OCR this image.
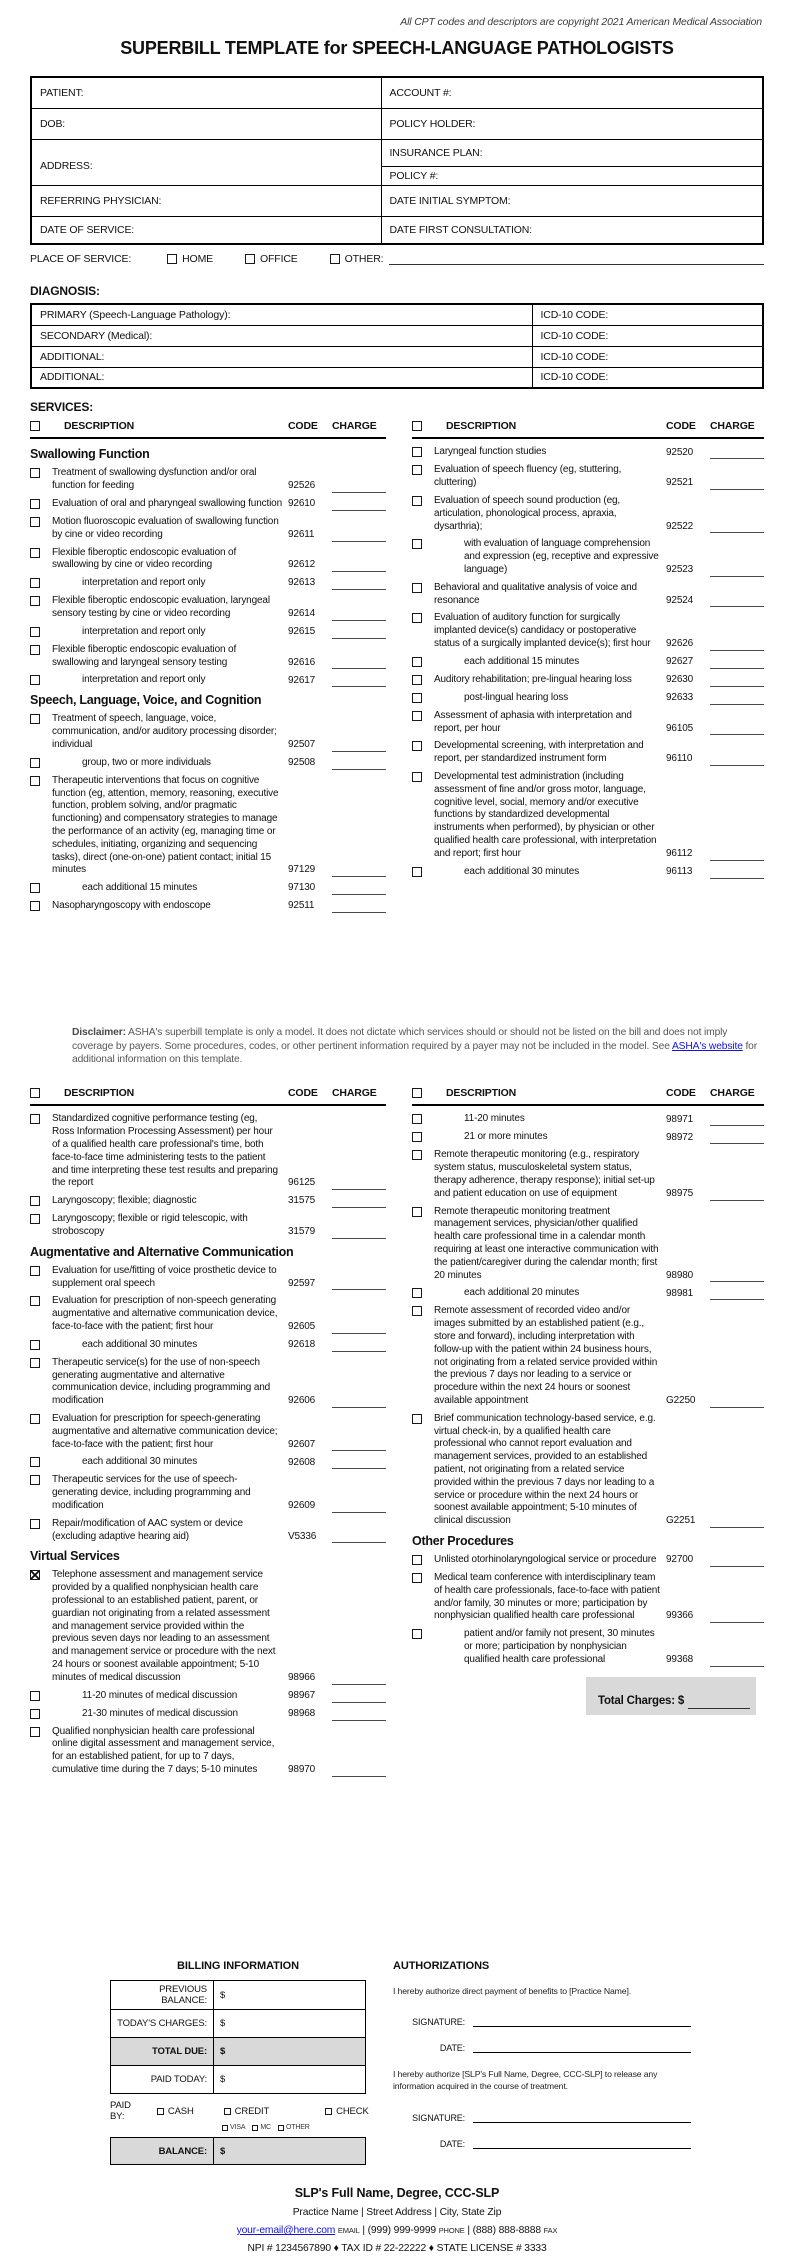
All CPT codes and descriptors are copyright 2021 American Medical Association
SUPERBILL TEMPLATE for SPEECH-LANGUAGE PATHOLOGISTS
PATIENT:	ACCOUNT #:
DOB:	POLICY HOLDER:
ADDRESS:	INSURANCE PLAN:
	POLICY #:
REFERRING PHYSICIAN:	DATE INITIAL SYMPTOM:
DATE OF SERVICE:	DATE FIRST CONSULTATION:
PLACE OF SERVICE:	HOME	OFFICE	OTHER:
DIAGNOSIS:
PRIMARY (Speech-Language Pathology):	ICD-10 CODE:
SECONDARY (Medical):	ICD-10 CODE:
ADDITIONAL:	ICD-10 CODE:
ADDITIONAL:	ICD-10 CODE:
SERVICES:
DESCRIPTION	CODE	CHARGE
Swallowing Function
Treatment of swallowing dysfunction and/or oral function for feeding	92526
Evaluation of oral and pharyngeal swallowing function 92610
Motion fluoroscopic evaluation of swallowing function by cine or video recording	92611
Flexible fiberoptic endoscopic evaluation of swallowing by cine or video recording	92612
interpretation and report only	92613
Flexible fiberoptic endoscopic evaluation, laryngeal sensory testing by cine or video recording	92614
interpretation and report only	92615
Flexible fiberoptic endoscopic evaluation of swallowing and laryngeal sensory testing	92616
interpretation and report only	92617
Speech, Language, Voice, and Cognition
Treatment of speech, language, voice, communication, and/or auditory processing disorder; individual	92507
group, two or more individuals	92508
Therapeutic interventions that focus on cognitive function (eg, attention, memory, reasoning, executive function, problem solving, and/or pragmatic functioning) and compensatory strategies to manage the performance of an activity (eg, managing time or schedules, initiating, organizing and sequencing tasks), direct (one-on-one) patient contact; initial 15 minutes	97129
each additional 15 minutes	97130
Nasopharyngoscopy with endoscope	92511
DESCRIPTION	CODE	CHARGE
Laryngeal function studies	92520
Evaluation of speech fluency (eg, stuttering, cluttering)	92521
Evaluation of speech sound production (eg, articulation, phonological process, apraxia, dysarthria);	92522
with evaluation of language comprehension and expression (eg, receptive and expressive language)	92523
Behavioral and qualitative analysis of voice and resonance	92524
Evaluation of auditory function for surgically implanted device(s) candidacy or postoperative status of a surgically implanted device(s); first hour	92626
each additional 15 minutes	92627
Auditory rehabilitation; pre-lingual hearing loss	92630
post-lingual hearing loss	92633
Assessment of aphasia with interpretation and report, per hour	96105
Developmental screening, with interpretation and report, per standardized instrument form	96110
Developmental test administration (including assessment of fine and/or gross motor, language, cognitive level, social, memory and/or executive functions by standardized developmental instruments when performed), by physician or other qualified health care professional, with interpretation and report; first hour	96112
each additional 30 minutes	96113
Disclaimer: ASHA's superbill template is only a model. It does not dictate which services should or should not be listed on the bill and does not imply coverage by payers. Some procedures, codes, or other pertinent information required by a payer may not be included in the model. See ASHA's website for additional information on this template.
DESCRIPTION	CODE	CHARGE
Standardized cognitive performance testing (eg, Ross Information Processing Assessment) per hour of a qualified health care professional's time, both face-to-face time administering tests to the patient and time interpreting these test results and preparing the report	96125
Laryngoscopy; flexible; diagnostic	31575
Laryngoscopy; flexible or rigid telescopic, with stroboscopy	31579
Augmentative and Alternative Communication
Evaluation for use/fitting of voice prosthetic device to supplement oral speech	92597
Evaluation for prescription of non-speech generating augmentative and alternative communication device, face-to-face with the patient; first hour	92605
each additional 30 minutes	92618
Therapeutic service(s) for the use of non-speech generating augmentative and alternative communication device, including programming and modification	92606
Evaluation for prescription for speech-generating augmentative and alternative communication device; face-to-face with the patient; first hour	92607
each additional 30 minutes	92608
Therapeutic services for the use of speech-generating device, including programming and modification	92609
Repair/modification of AAC system or device (excluding adaptive hearing aid)	V5336
Virtual Services
Telephone assessment and management service provided by a qualified nonphysician health care professional to an established patient, parent, or guardian not originating from a related assessment and management service provided within the previous seven days nor leading to an assessment and management service or procedure with the next 24 hours or soonest available appointment; 5-10 minutes of medical discussion	98966
11-20 minutes of medical discussion	98967
21-30 minutes of medical discussion	98968
Qualified nonphysician health care professional online digital assessment and management service, for an established patient, for up to 7 days, cumulative time during the 7 days; 5-10 minutes	98970
DESCRIPTION	CODE	CHARGE
11-20 minutes	98971
21 or more minutes	98972
Remote therapeutic monitoring (e.g., respiratory system status, musculoskeletal system status, therapy adherence, therapy response); initial set-up and patient education on use of equipment	98975
Remote therapeutic monitoring treatment management services, physician/other qualified health care professional time in a calendar month requiring at least one interactive communication with the patient/caregiver during the calendar month; first 20 minutes	98980
each additional 20 minutes	98981
Remote assessment of recorded video and/or images submitted by an established patient (e.g., store and forward), including interpretation with follow-up with the patient within 24 business hours, not originating from a related service provided within the previous 7 days nor leading to a service or procedure within the next 24 hours or soonest available appointment	G2250
Brief communication technology-based service, e.g. virtual check-in, by a qualified health care professional who cannot report evaluation and management services, provided to an established patient, not originating from a related service provided within the previous 7 days nor leading to a service or procedure within the next 24 hours or soonest available appointment; 5-10 minutes of clinical discussion	G2251
Other Procedures
Unlisted otorhinolaryngological service or procedure 92700
Medical team conference with interdisciplinary team of health care professionals, face-to-face with patient and/or family, 30 minutes or more; participation by nonphysician qualified health care professional	99366
patient and/or family not present, 30 minutes or more; participation by nonphysician qualified health care professional	99368
Total Charges: $
BILLING INFORMATION
PREVIOUS BALANCE:	$
TODAY'S CHARGES:	$
TOTAL DUE:	$
PAID TODAY:	$
PAID BY:	CASH	CREDIT	CHECK
VISA MC OTHER
BALANCE:	$
AUTHORIZATIONS
I hereby authorize direct payment of benefits to [Practice Name].
SIGNATURE:
DATE:
I hereby authorize [SLP's Full Name, Degree, CCC-SLP] to release any information acquired in the course of treatment.
SIGNATURE:
DATE:
SLP's Full Name, Degree, CCC-SLP
Practice Name | Street Address | City, State Zip
your-email@here.com EMAIL | (999) 999-9999 PHONE | (888) 888-8888 FAX
NPI # 1234567890 ♦ TAX ID # 22-22222 ♦ STATE LICENSE # 3333
